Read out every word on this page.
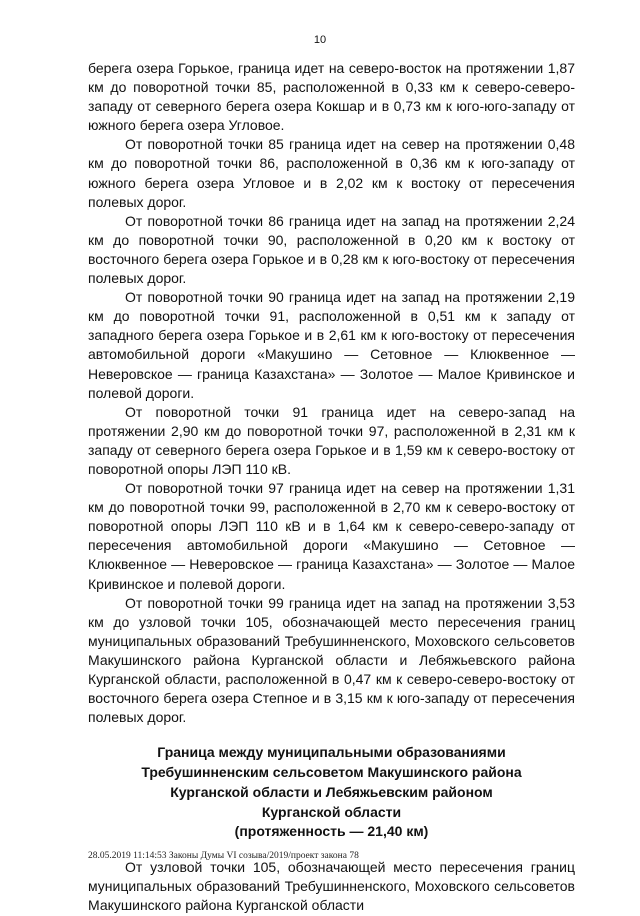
10

берега озера Горькое, граница идет на северо-восток на протяжении 1,87 км до поворотной точки 85, расположенной в 0,33 км к северо-северо-западу от северного берега озера Кокшар и в 0,73 км к юго-юго-западу от южного берега озера Угловое.

От поворотной точки 85 граница идет на север на протяжении 0,48 км до поворотной точки 86, расположенной в 0,36 км к юго-западу от южного берега озера Угловое и в 2,02 км к востоку от пересечения полевых дорог.

От поворотной точки 86 граница идет на запад на протяжении 2,24 км до поворотной точки 90, расположенной в 0,20 км к востоку от восточного берега озера Горькое и в 0,28 км к юго-востоку от пересечения полевых дорог.

От поворотной точки 90 граница идет на запад на протяжении 2,19 км до поворотной точки 91, расположенной в 0,51 км к западу от западного берега озера Горькое и в 2,61 км к юго-востоку от пересечения автомобильной дороги «Макушино — Сетовное — Клюквенное — Неверовское — граница Казахстана» — Золотое — Малое Кривинское и полевой дороги.

От поворотной точки 91 граница идет на северо-запад на протяжении 2,90 км до поворотной точки 97, расположенной в 2,31 км к западу от северного берега озера Горькое и в 1,59 км к северо-востоку от поворотной опоры ЛЭП 110 кВ.

От поворотной точки 97 граница идет на север на протяжении 1,31 км до поворотной точки 99, расположенной в 2,70 км к северо-востоку от поворотной опоры ЛЭП 110 кВ и в 1,64 км к северо-северо-западу от пересечения автомобильной дороги «Макушино — Сетовное — Клюквенное — Неверовское — граница Казахстана» — Золотое — Малое Кривинское и полевой дороги.

От поворотной точки 99 граница идет на запад на протяжении 3,53 км до узловой точки 105, обозначающей место пересечения границ муниципальных образований Требушинненского, Моховского сельсоветов Макушинского района Курганской области и Лебяжьевского района Курганской области, расположенной в 0,47 км к северо-северо-востоку от восточного берега озера Степное и в 3,15 км к юго-западу от пересечения полевых дорог.

Граница между муниципальными образованиями
Требушинненским сельсоветом Макушинского района
Курганской области и Лебяжьевским районом
Курганской области
(протяженность — 21,40 км)

От узловой точки 105, обозначающей место пересечения границ муниципальных образований Требушинненского, Моховского сельсоветов Макушинского района Курганской области

28.05.2019 11:14:53 Законы Думы VI созыва/2019/проект закона 78
